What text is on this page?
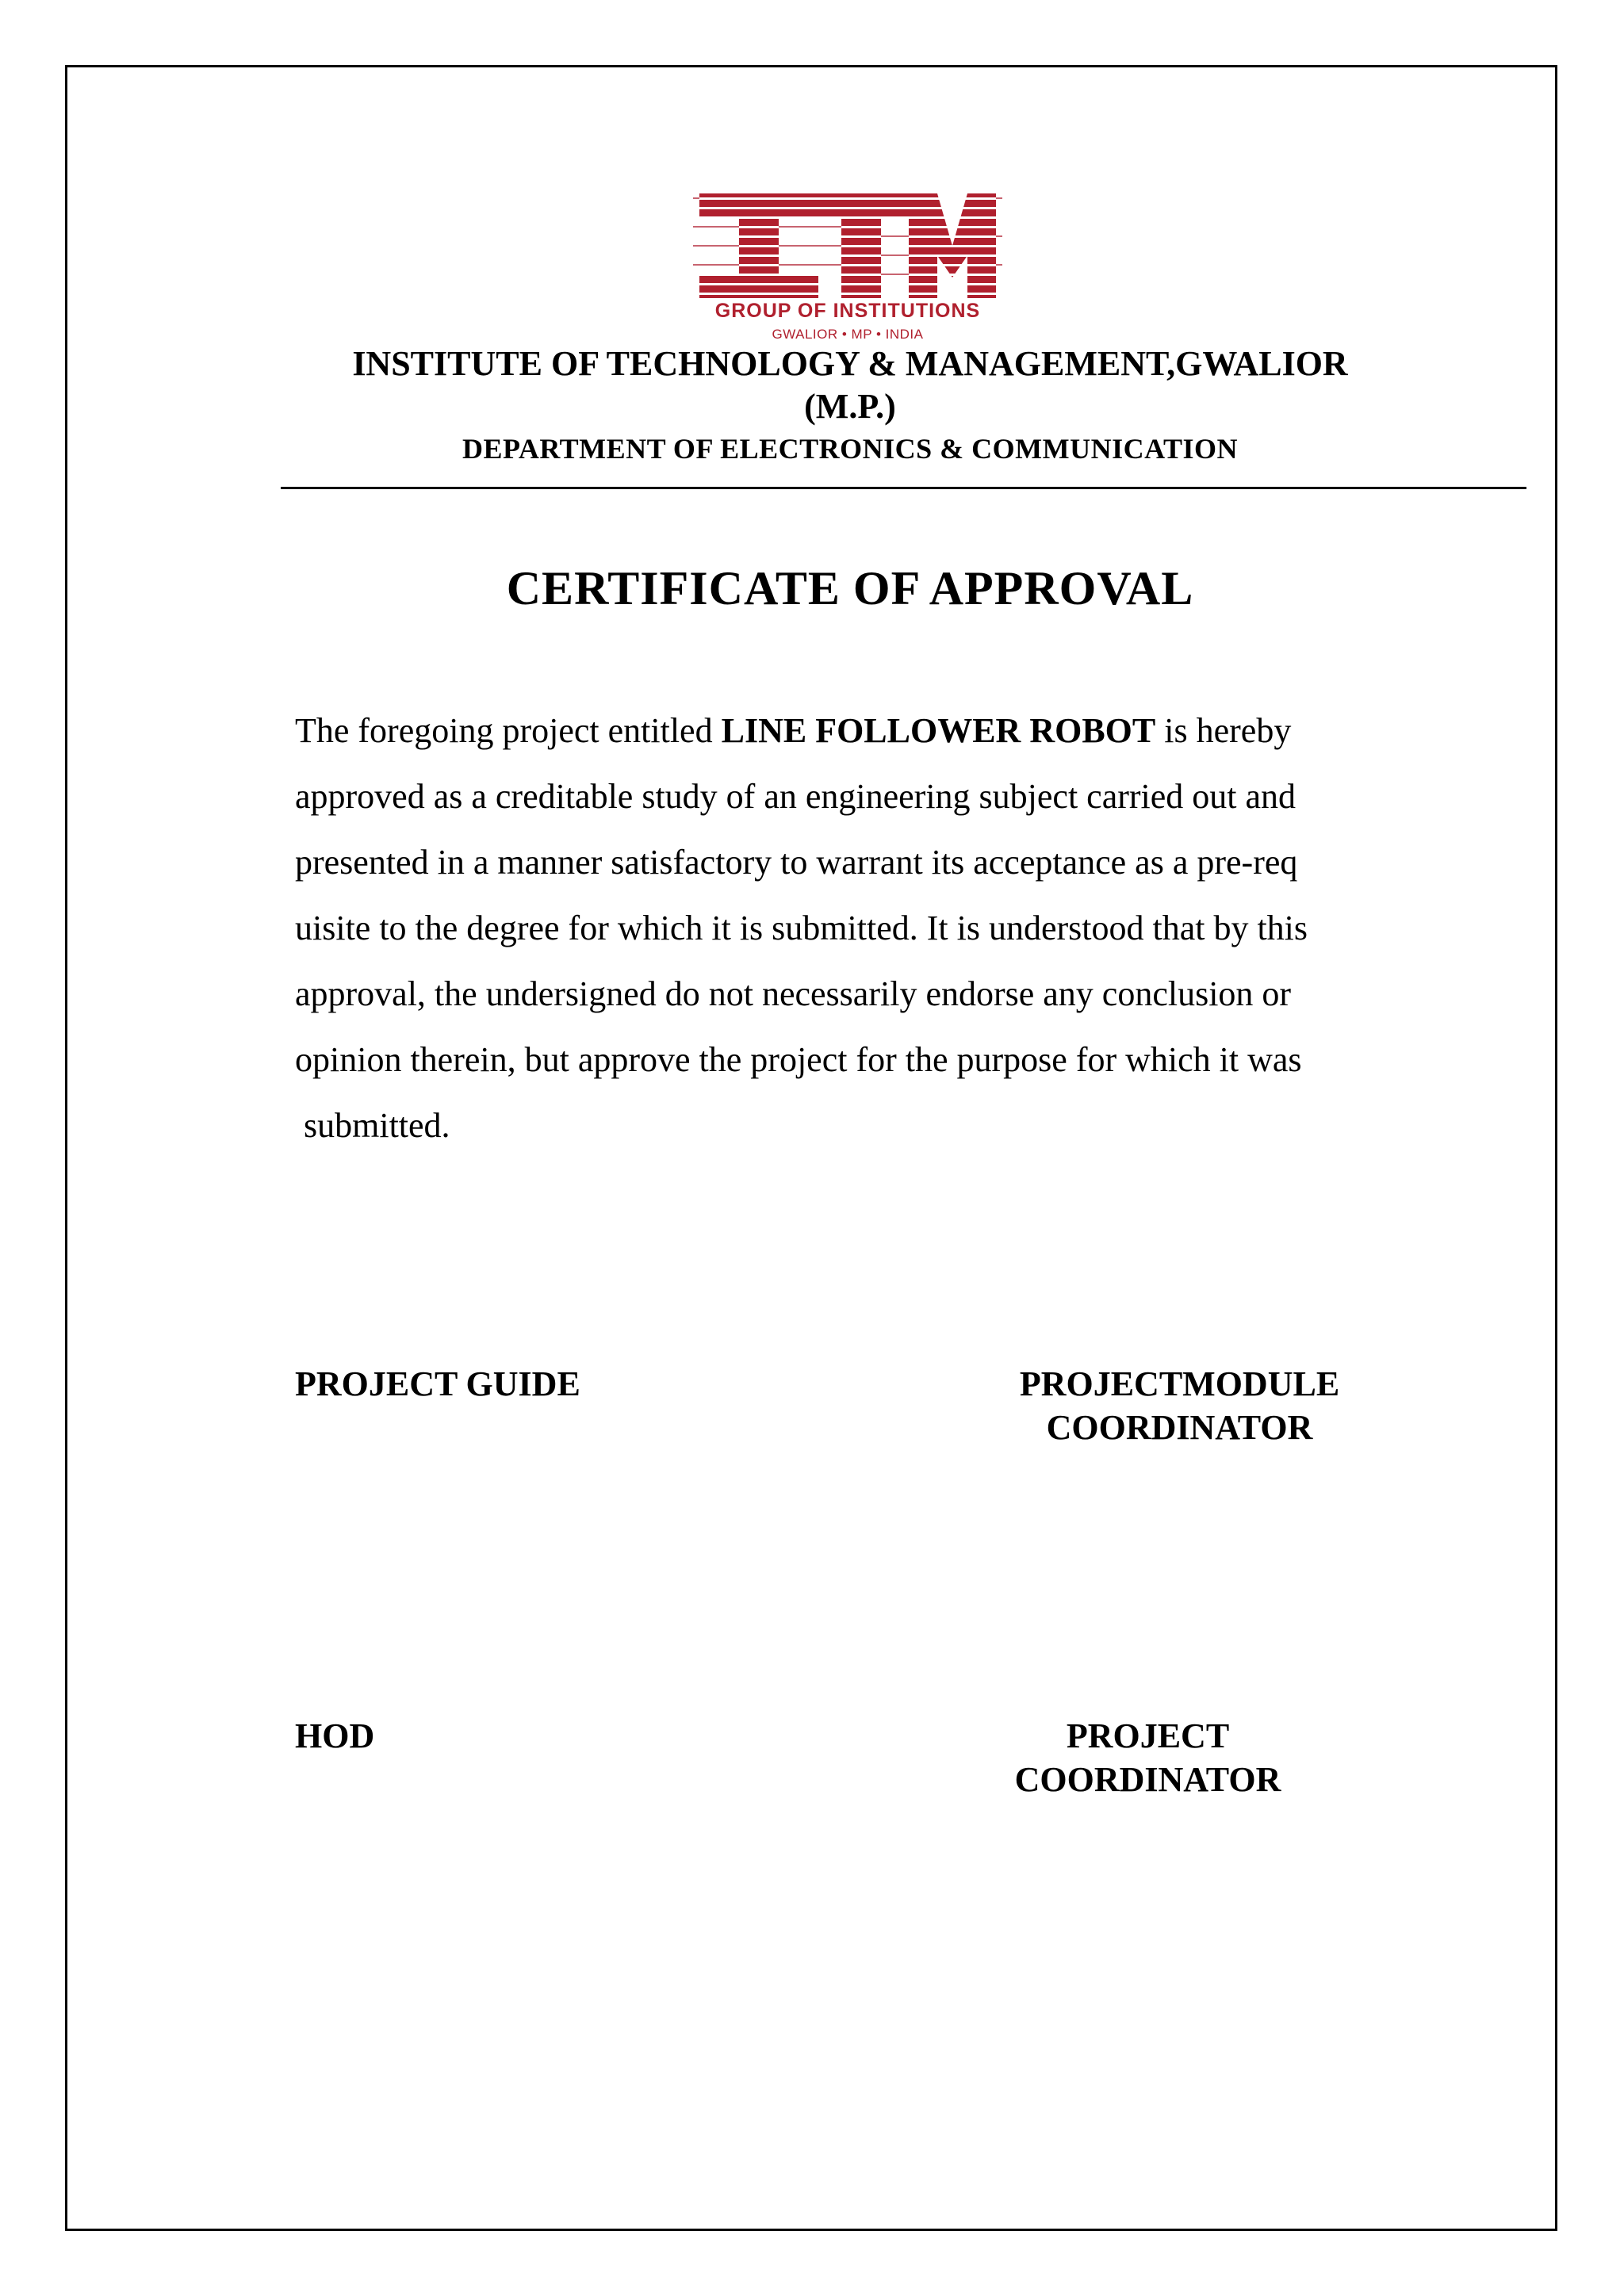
GROUP OF INSTITUTIONS
GWALIOR • MP • INDIA
INSTITUTE OF TECHNOLOGY & MANAGEMENT,GWALIOR
(M.P.)
DEPARTMENT OF ELECTRONICS & COMMUNICATION
CERTIFICATE OF APPROVAL
The foregoing project entitled LINE FOLLOWER ROBOT is hereby
approved as a creditable study of an engineering subject carried out and
presented in a manner satisfactory to warrant its acceptance as a pre-req
uisite to the degree for which it is submitted. It is understood that by this
approval, the undersigned do not necessarily endorse any conclusion or
opinion therein, but approve the project for the purpose for which it was
submitted.
PROJECT GUIDE	PROJECTMODULE
COORDINATOR
HOD	PROJECT
COORDINATOR
